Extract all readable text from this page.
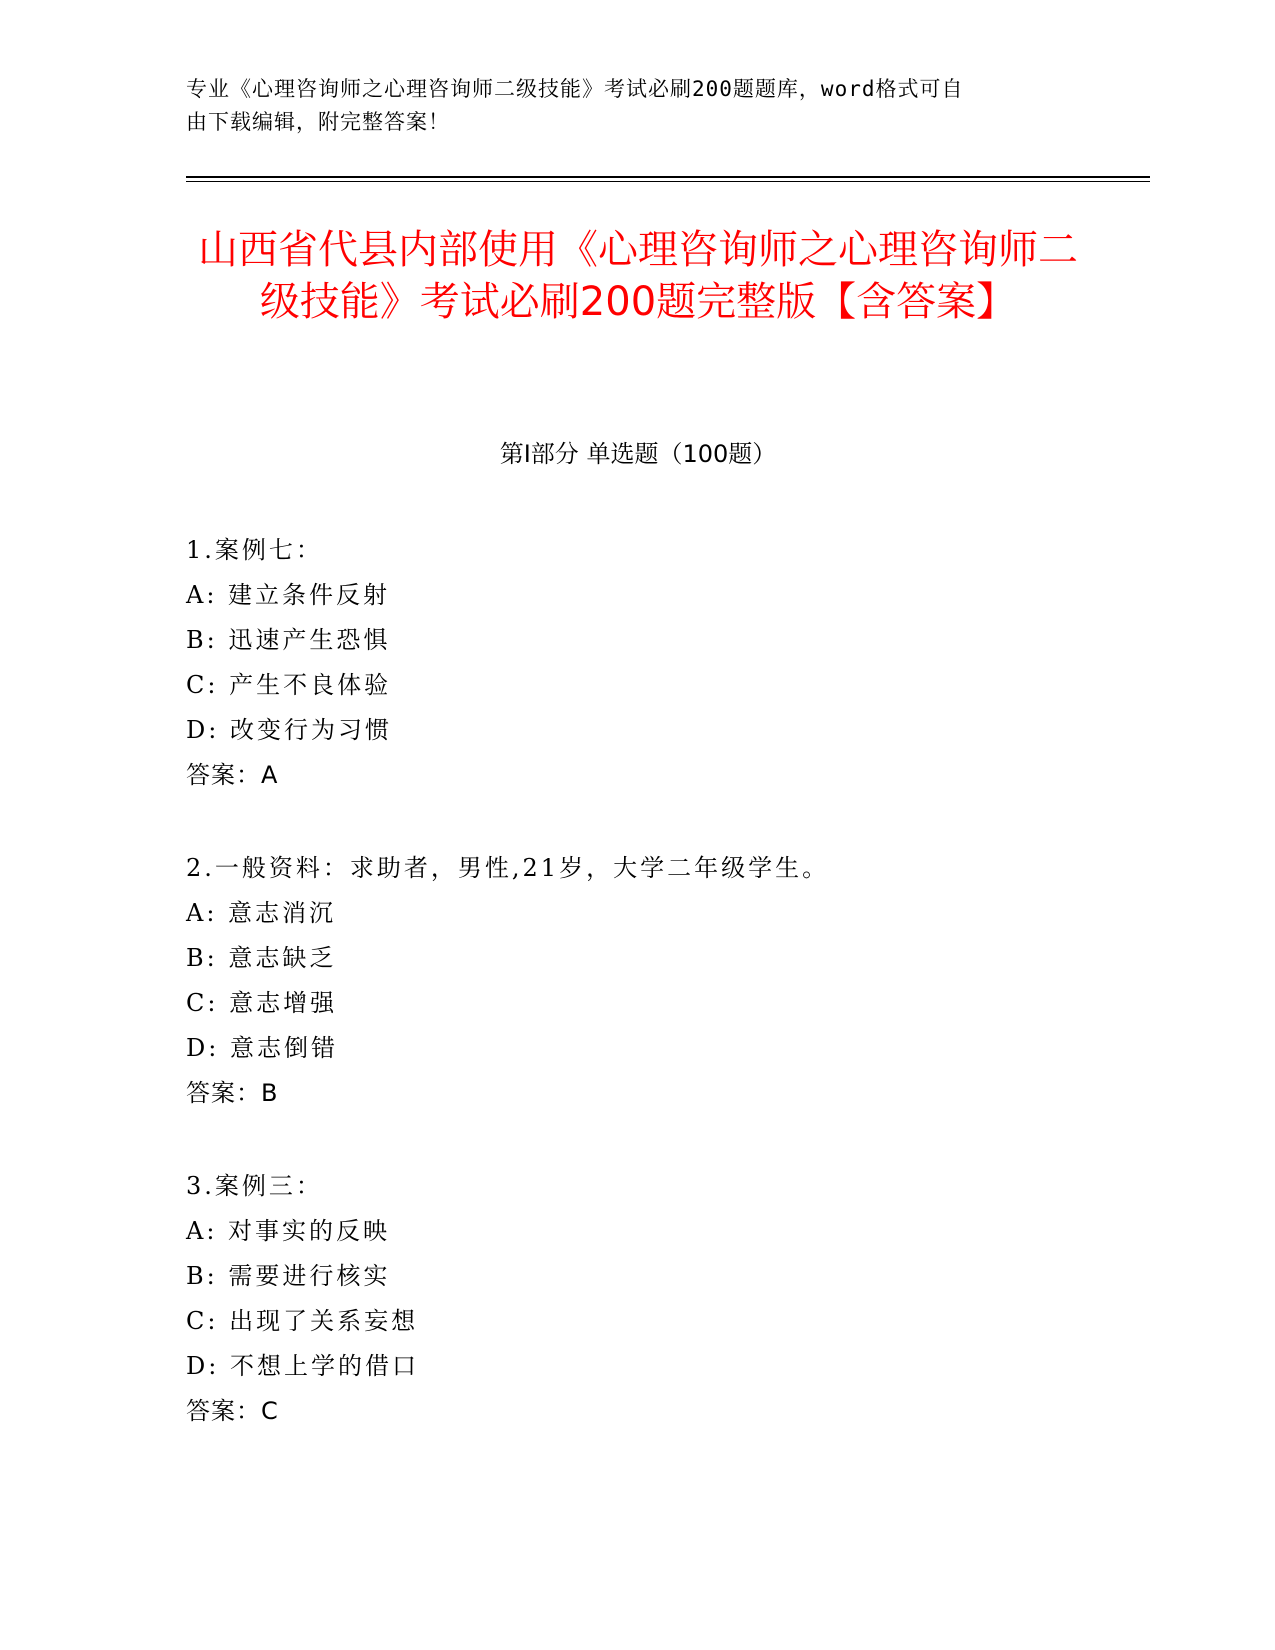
专业《心理咨询师之心理咨询师二级技能》考试必刷200题题库，word格式可自
由下载编辑，附完整答案！
山西省代县内部使用《心理咨询师之心理咨询师二级技能》考试必刷200题完整版【含答案】
第Ⅰ部分 单选题（100题）
1.案例七：
A: 建立条件反射
B: 迅速产生恐惧
C: 产生不良体验
D: 改变行为习惯
答案：A
2.一般资料：求助者，男性,21岁，大学二年级学生。
A: 意志消沉
B: 意志缺乏
C: 意志增强
D: 意志倒错
答案：B
3.案例三：
A: 对事实的反映
B: 需要进行核实
C: 出现了关系妄想
D: 不想上学的借口
答案：C
